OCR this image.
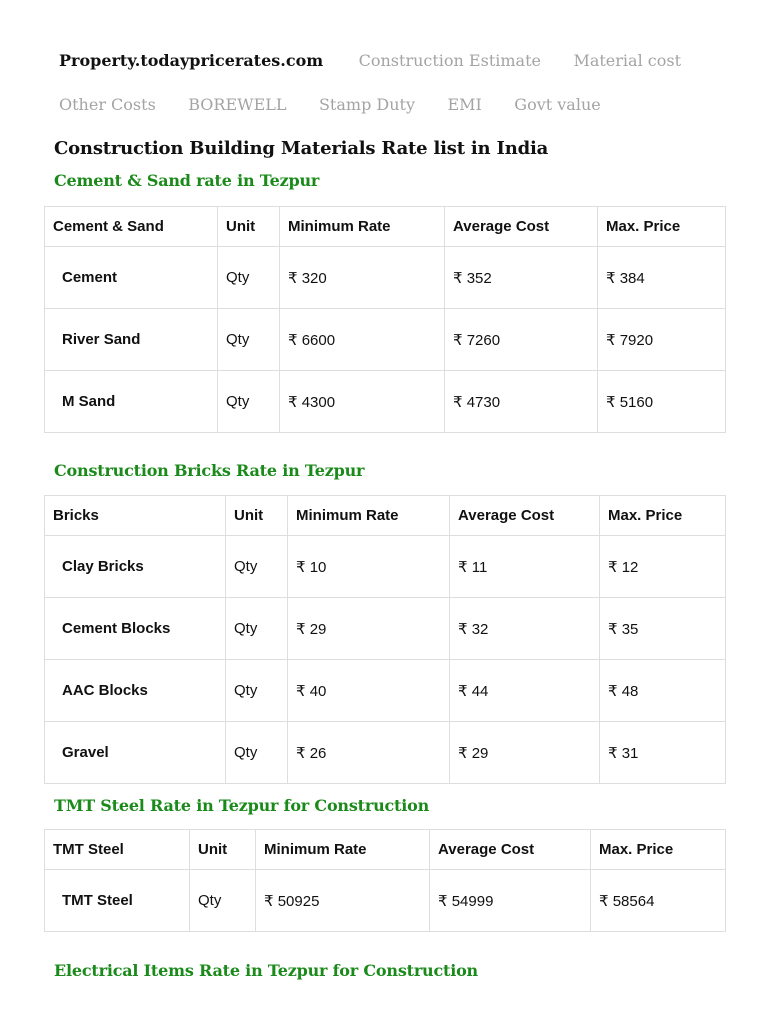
Property.todaypricerates.com Construction Estimate Material cost
Other Costs BOREWELL Stamp Duty EMI Govt value
Construction Building Materials Rate list in India
Cement & Sand rate in Tezpur
Cement & Sand	Unit	Minimum Rate	Average Cost	Max. Price
Cement	Qty	₹ 320	₹ 352	₹ 384
River Sand	Qty	₹ 6600	₹ 7260	₹ 7920
M Sand	Qty	₹ 4300	₹ 4730	₹ 5160
Construction Bricks Rate in Tezpur
Bricks	Unit	Minimum Rate	Average Cost	Max. Price
Clay Bricks	Qty	₹ 10	₹ 11	₹ 12
Cement Blocks	Qty	₹ 29	₹ 32	₹ 35
AAC Blocks	Qty	₹ 40	₹ 44	₹ 48
Gravel	Qty	₹ 26	₹ 29	₹ 31
TMT Steel Rate in Tezpur for Construction
TMT Steel	Unit	Minimum Rate	Average Cost	Max. Price
TMT Steel	Qty	₹ 50925	₹ 54999	₹ 58564
Electrical Items Rate in Tezpur for Construction
